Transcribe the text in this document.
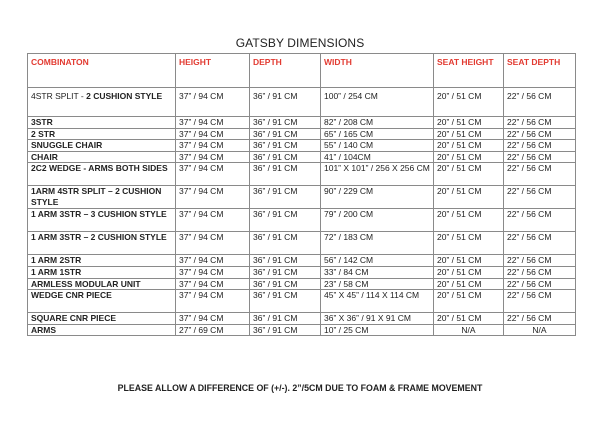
GATSBY DIMENSIONS
COMBINATON	HEIGHT	DEPTH	WIDTH	SEAT HEIGHT	SEAT DEPTH
4STR SPLIT - 2 CUSHION STYLE	37” / 94 CM	36” / 91 CM	100” / 254 CM	20” / 51 CM	22” / 56 CM
3STR	37” / 94 CM	36” / 91 CM	82” / 208 CM	20” / 51 CM	22” / 56 CM
2 STR	37” / 94 CM	36” / 91 CM	65” / 165 CM	20” / 51 CM	22” / 56 CM
SNUGGLE CHAIR	37” / 94 CM	36” / 91 CM	55” / 140 CM	20” / 51 CM	22” / 56 CM
CHAIR	37” / 94 CM	36” / 91 CM	41” / 104CM	20” / 51 CM	22” / 56 CM
2C2 WEDGE - ARMS BOTH SIDES	37” / 94 CM	36” / 91 CM	101” X 101” / 256 X 256 CM	20” / 51 CM	22” / 56 CM
1ARM 4STR SPLIT – 2 CUSHION STYLE	37” / 94 CM	36” / 91 CM	90” / 229 CM	20” / 51 CM	22” / 56 CM
1 ARM 3STR – 3 CUSHION STYLE	37” / 94 CM	36” / 91 CM	79” / 200 CM	20” / 51 CM	22” / 56 CM
1 ARM 3STR – 2 CUSHION STYLE	37” / 94 CM	36” / 91 CM	72” / 183 CM	20” / 51 CM	22” / 56 CM
1 ARM 2STR	37” / 94 CM	36” / 91 CM	56” / 142 CM	20” / 51 CM	22” / 56 CM
1 ARM 1STR	37” / 94 CM	36” / 91 CM	33” / 84 CM	20” / 51 CM	22” / 56 CM
ARMLESS MODULAR UNIT	37” / 94 CM	36” / 91 CM	23” / 58 CM	20” / 51 CM	22” / 56 CM
WEDGE CNR PIECE	37” / 94 CM	36” / 91 CM	45” X 45” / 114 X 114 CM	20” / 51 CM	22” / 56 CM
SQUARE CNR PIECE	37” / 94 CM	36” / 91 CM	36” X 36” / 91 X 91 CM	20” / 51 CM	22” / 56 CM
ARMS	27” / 69 CM	36” / 91 CM	10” / 25 CM	N/A	N/A
PLEASE ALLOW A DIFFERENCE OF (+/-). 2”/5CM DUE TO FOAM & FRAME MOVEMENT
